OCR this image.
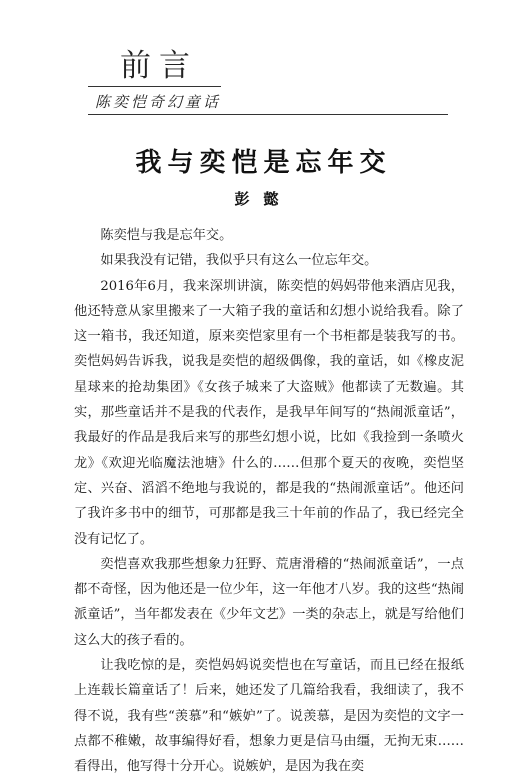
前言
陈奕恺奇幻童话
我与奕恺是忘年交
彭懿

陈奕恺与我是忘年交。

如果我没有记错，我似乎只有这么一位忘年交。

2016年6月，我来深圳讲演，陈奕恺的妈妈带他来酒店见我，他还特意从家里搬来了一大箱子我的童话和幻想小说给我看。除了这一箱书，我还知道，原来奕恺家里有一个书柜都是装我写的书。奕恺妈妈告诉我，说我是奕恺的超级偶像，我的童话，如《橡皮泥星球来的抢劫集团》《女孩子城来了大盗贼》他都读了无数遍。其实，那些童话并不是我的代表作，是我早年间写的“热闹派童话”，我最好的作品是我后来写的那些幻想小说，比如《我捡到一条喷火龙》《欢迎光临魔法池塘》什么的……但那个夏天的夜晚，奕恺坚定、兴奋、滔滔不绝地与我说的，都是我的“热闹派童话”。他还问了我许多书中的细节，可那都是我三十年前的作品了，我已经完全没有记忆了。

奕恺喜欢我那些想象力狂野、荒唐滑稽的“热闹派童话”，一点都不奇怪，因为他还是一位少年，这一年他才八岁。我的这些“热闹派童话”，当年都发表在《少年文艺》一类的杂志上，就是写给他们这么大的孩子看的。

让我吃惊的是，奕恺妈妈说奕恺也在写童话，而且已经在报纸上连载长篇童话了！后来，她还发了几篇给我看，我细读了，我不得不说，我有些“羡慕”和“嫉妒”了。说羡慕，是因为奕恺的文字一点都不稚嫩，故事编得好看，想象力更是信马由缰，无拘无束……看得出，他写得十分开心。说嫉妒，是因为我在奕
